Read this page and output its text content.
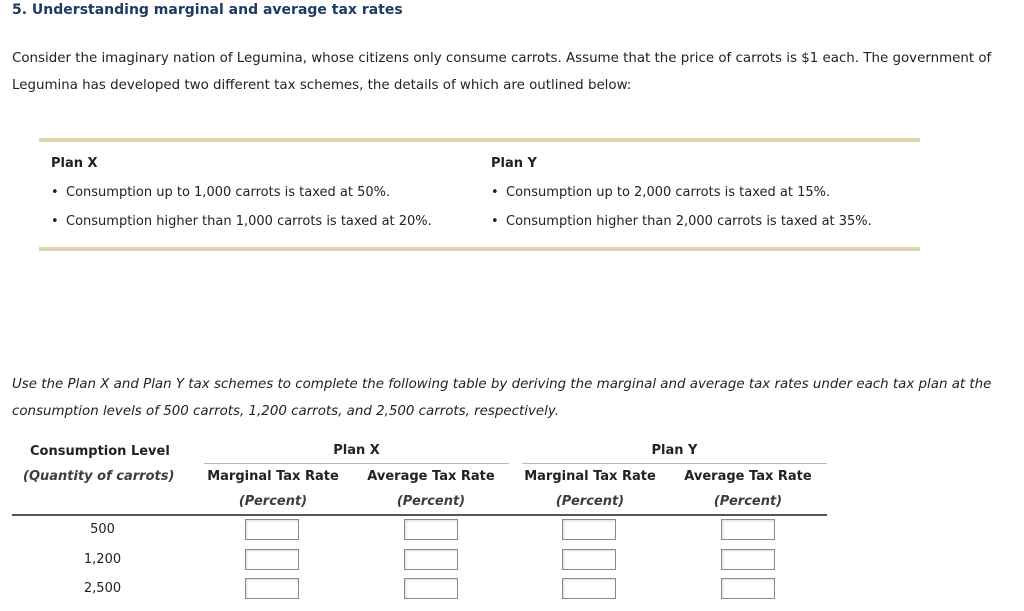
5. Understanding marginal and average tax rates

Consider the imaginary nation of Legumina, whose citizens only consume carrots. Assume that the price of carrots is $1 each. The government of Legumina has developed two different tax schemes, the details of which are outlined below:

Plan X
• Consumption up to 1,000 carrots is taxed at 50%.
• Consumption higher than 1,000 carrots is taxed at 20%.
Plan Y
• Consumption up to 2,000 carrots is taxed at 15%.
• Consumption higher than 2,000 carrots is taxed at 35%.

Use the Plan X and Plan Y tax schemes to complete the following table by deriving the marginal and average tax rates under each tax plan at the consumption levels of 500 carrots, 1,200 carrots, and 2,500 carrots, respectively.

Consumption Level
(Quantity of carrots)
Plan X	Plan Y
Marginal Tax Rate	Average Tax Rate	Marginal Tax Rate	Average Tax Rate
(Percent)	(Percent)	(Percent)	(Percent)
500
1,200
2,500
